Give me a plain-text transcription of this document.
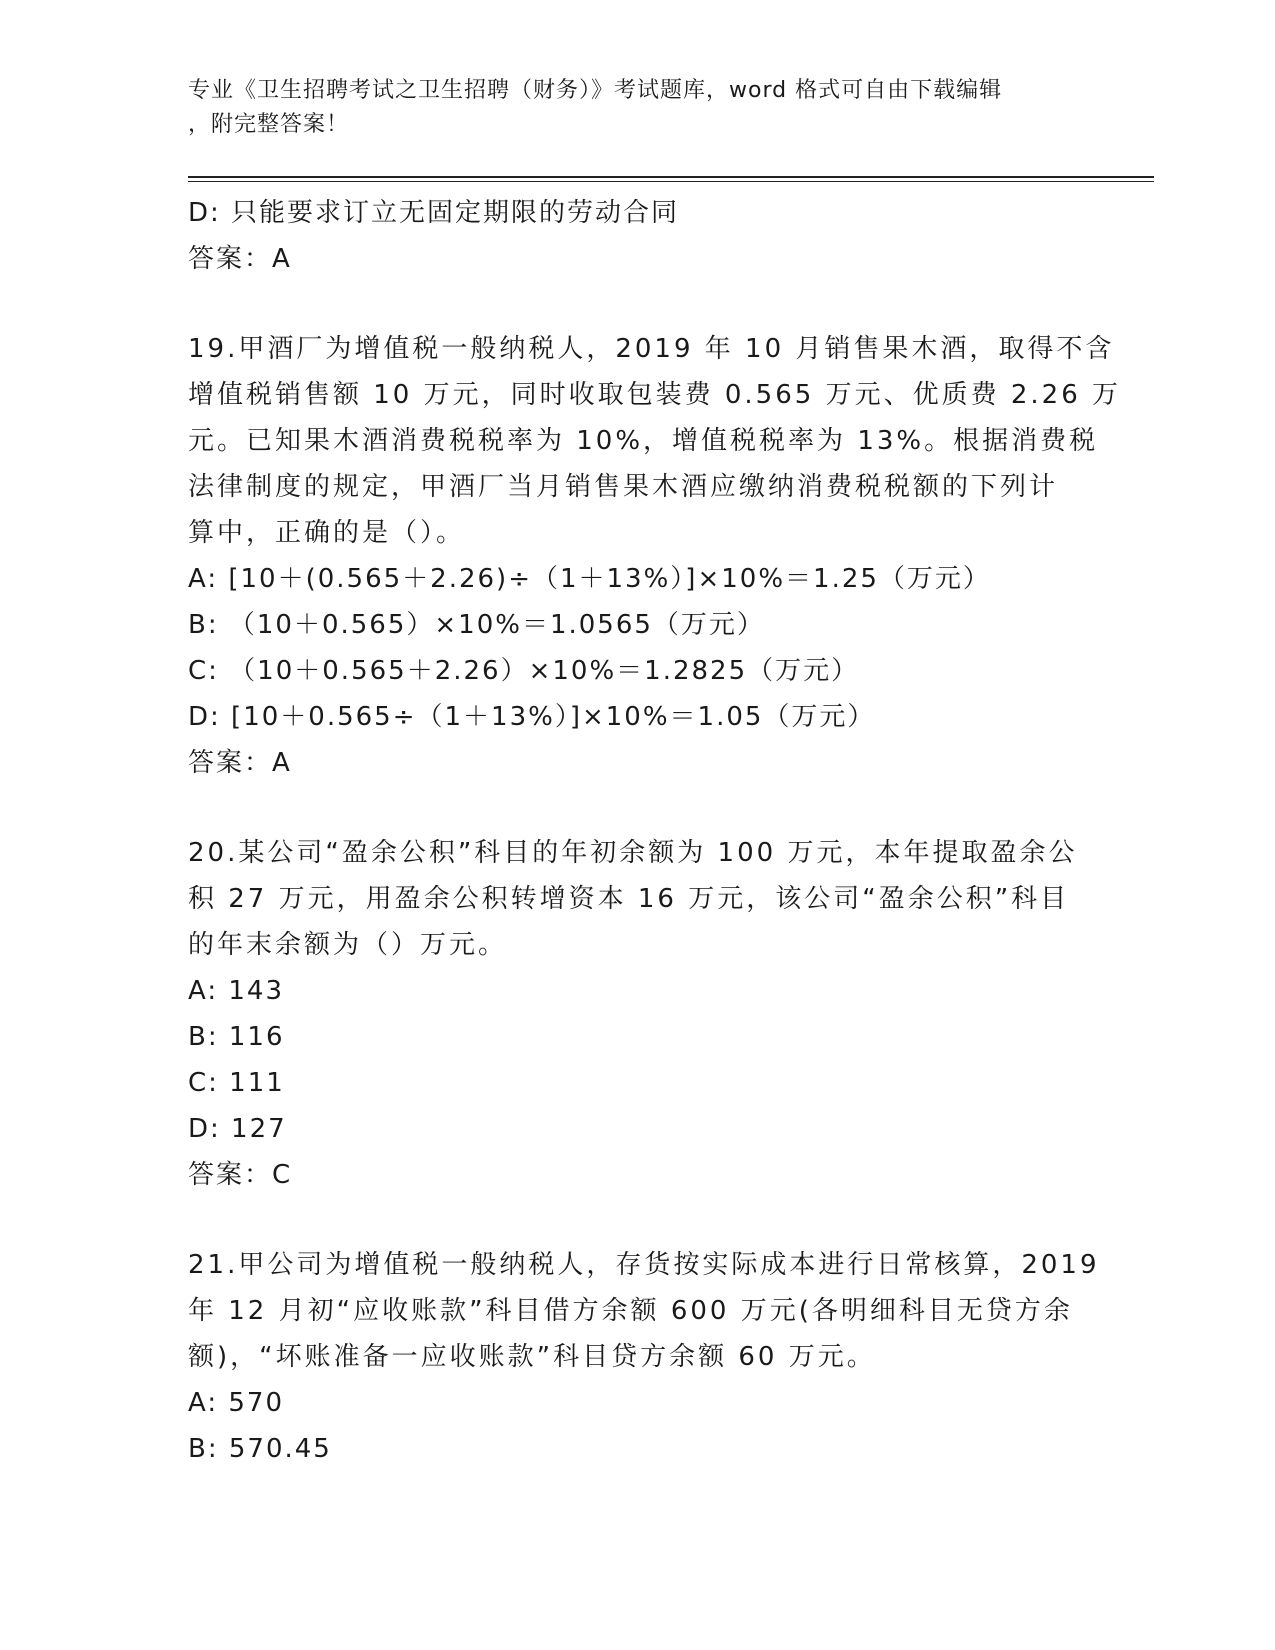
专业《卫生招聘考试之卫生招聘（财务）》考试题库，word 格式可自由下载编辑
，附完整答案！
D: 只能要求订立无固定期限的劳动合同
答案：A
19.甲酒厂为增值税一般纳税人，2019 年 10 月销售果木酒，取得不含
增值税销售额 10 万元，同时收取包装费 0.565 万元、优质费 2.26 万
元。已知果木酒消费税税率为 10%，增值税税率为 13%。根据消费税
法律制度的规定，甲酒厂当月销售果木酒应缴纳消费税税额的下列计
算中，正确的是（）。
A: [10＋(0.565＋2.26)÷（1＋13%）]×10%＝1.25（万元）
B: （10＋0.565）×10%＝1.0565（万元）
C: （10＋0.565＋2.26）×10%＝1.2825（万元）
D: [10＋0.565÷（1＋13%）]×10%＝1.05（万元）
答案：A
20.某公司“盈余公积”科目的年初余额为 100 万元，本年提取盈余公
积 27 万元，用盈余公积转增资本 16 万元，该公司“盈余公积”科目
的年末余额为（）万元。
A: 143
B: 116
C: 111
D: 127
答案：C
21.甲公司为增值税一般纳税人，存货按实际成本进行日常核算，2019
年 12 月初“应收账款”科目借方余额 600 万元(各明细科目无贷方余
额)，“坏账准备一应收账款”科目贷方余额 60 万元。
A: 570
B: 570.45
